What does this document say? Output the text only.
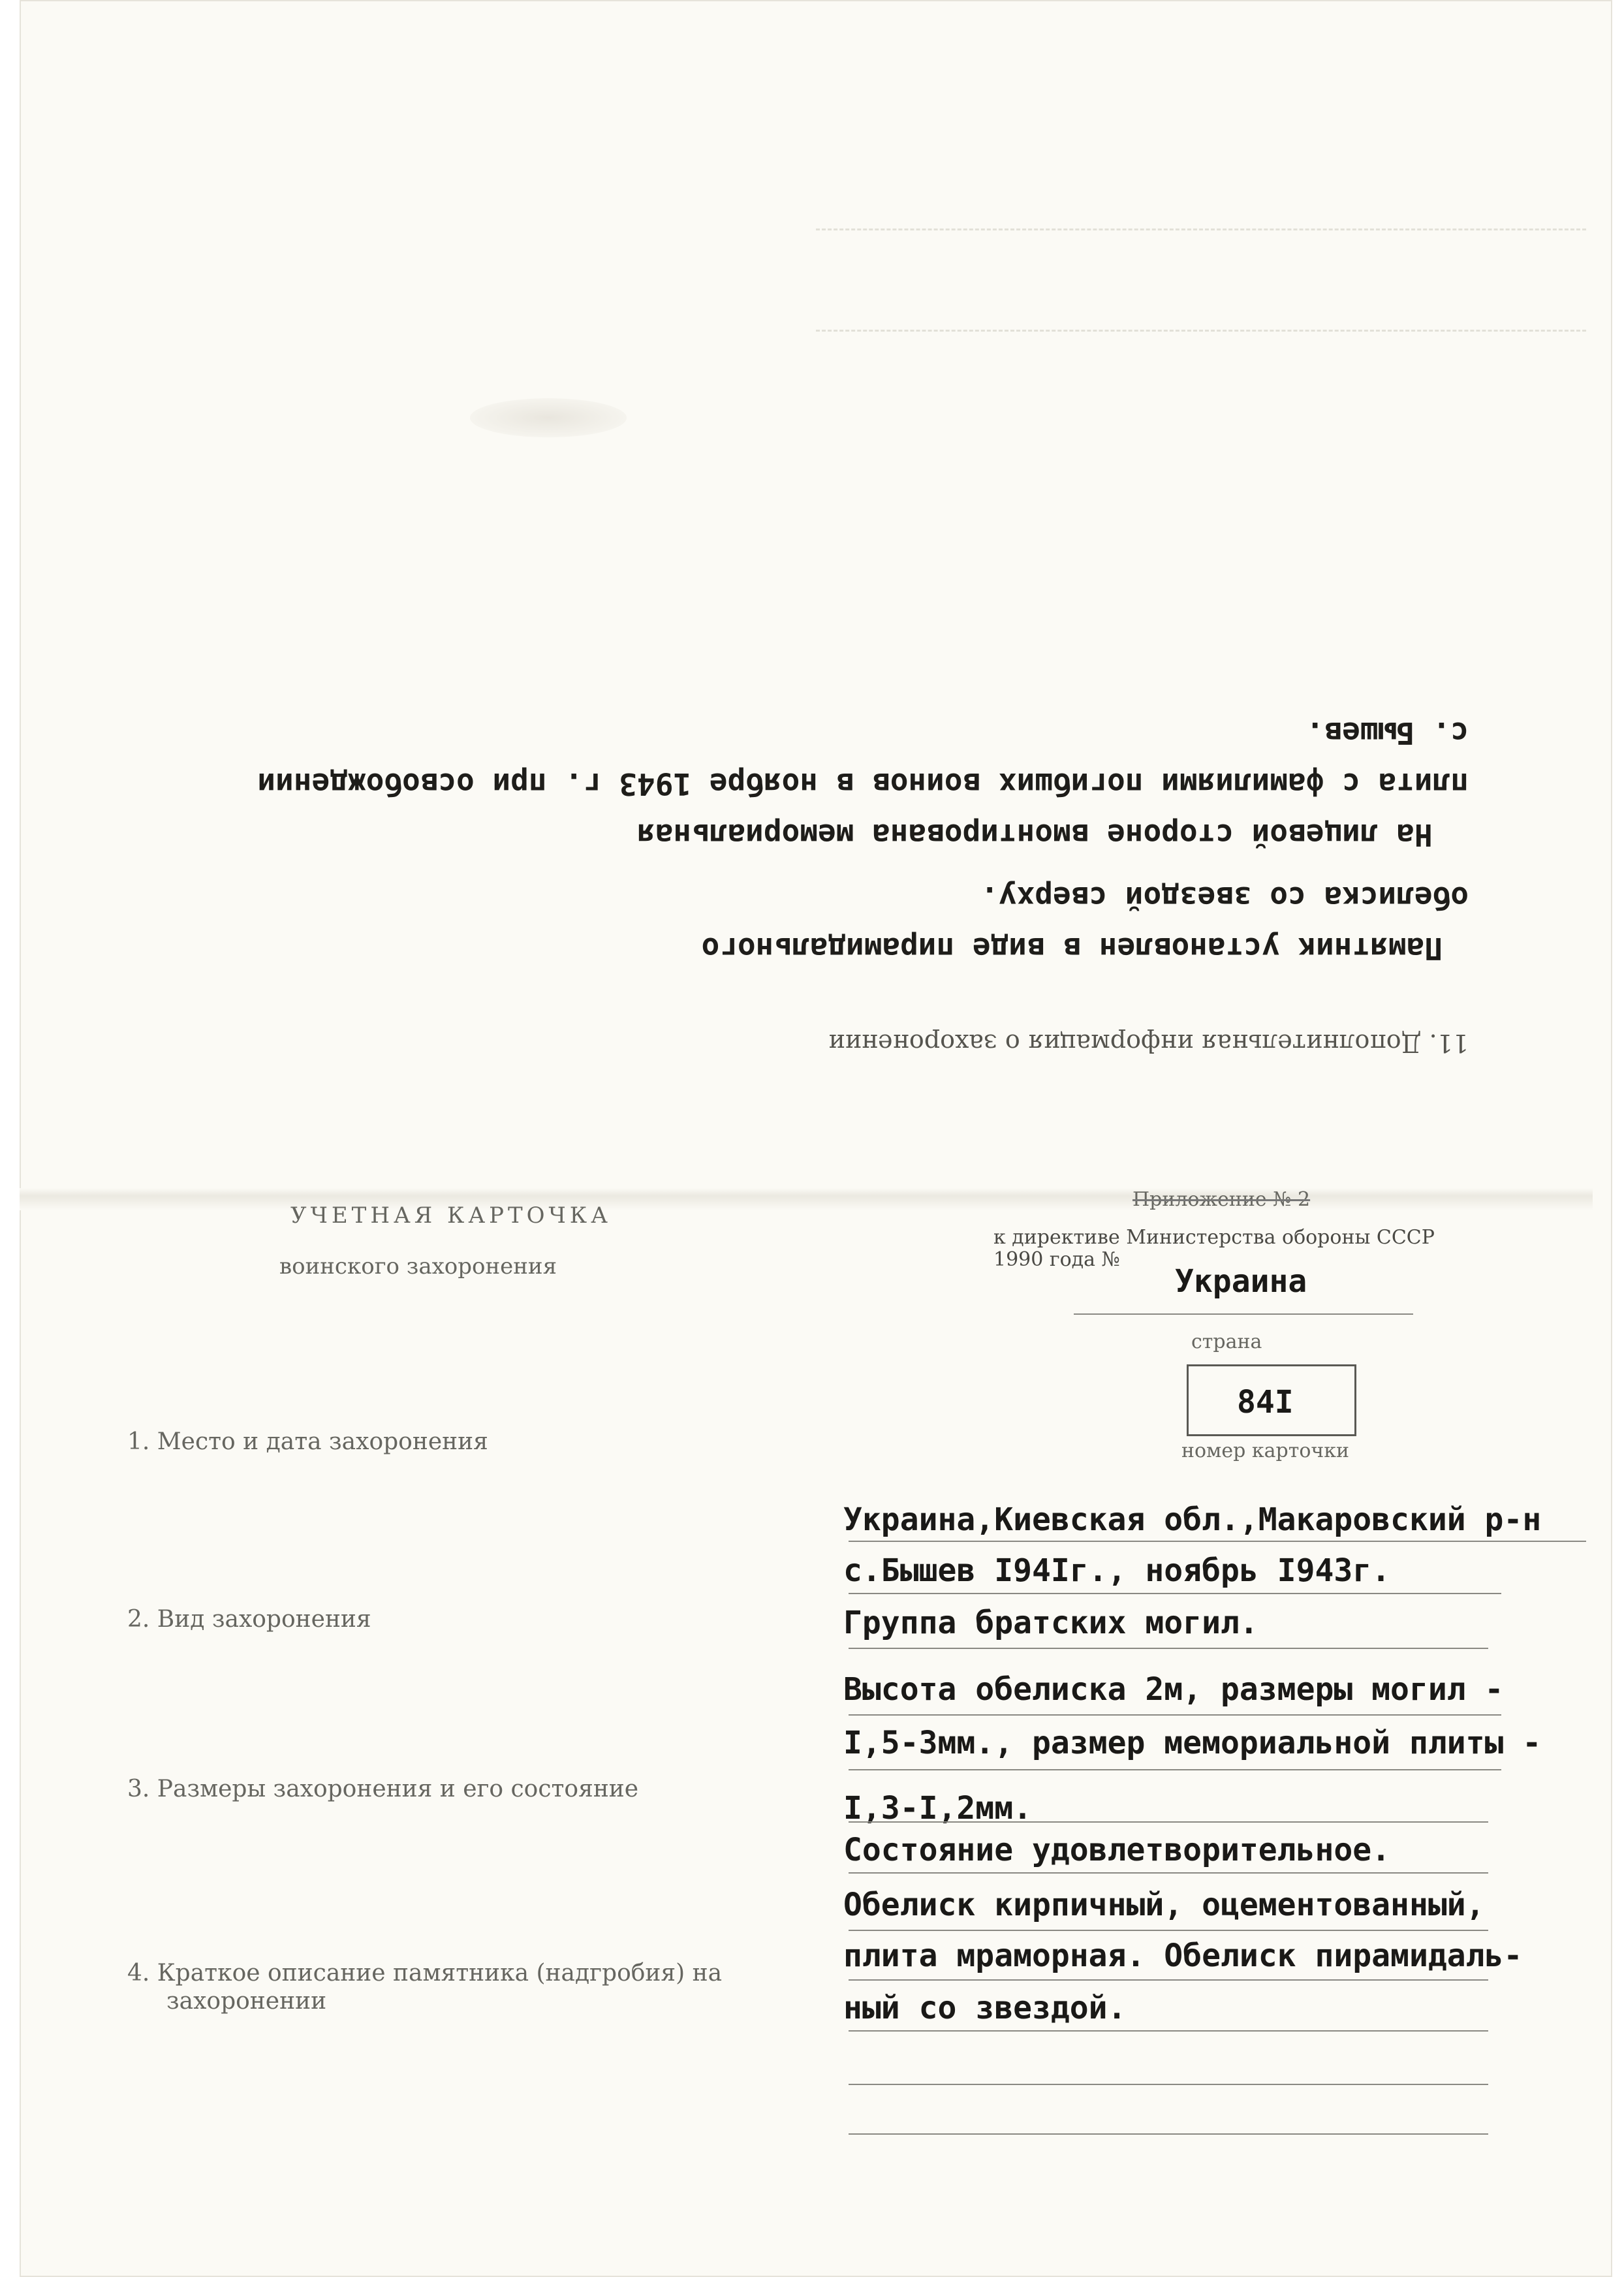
11. Дополнительная информация о захоронении
Памятник установлен в виде пирамидального
обелиска со звездой сверху.
На лицевой стороне вмонтирована мемориальная
плита с фамилиями погибших воинов в ноябре 1943 г. при освобождении
с. Бышев.
УЧЕТНАЯ КАРТОЧКА
воинского захоронения
Приложение № 2
к директиве Министерства обороны СССР
1990 года №
Украина
страна
84I
номер карточки
1. Место и дата захоронения
2. Вид захоронения
3. Размеры захоронения и его состояние
4. Краткое описание памятника (надгробия) на
захоронении
Украина,Киевская обл.,Макаровский р-н
с.Бышев I94Iг., ноябрь I943г.
Группа братских могил.
Высота обелиска 2м, размеры могил -
I,5-3мм., размер мемориальной плиты -
I,3-I,2мм.
Состояние удовлетворительное.
Обелиск кирпичный, оцементованный,
плита мраморная. Обелиск пирамидаль-
ный со звездой.
